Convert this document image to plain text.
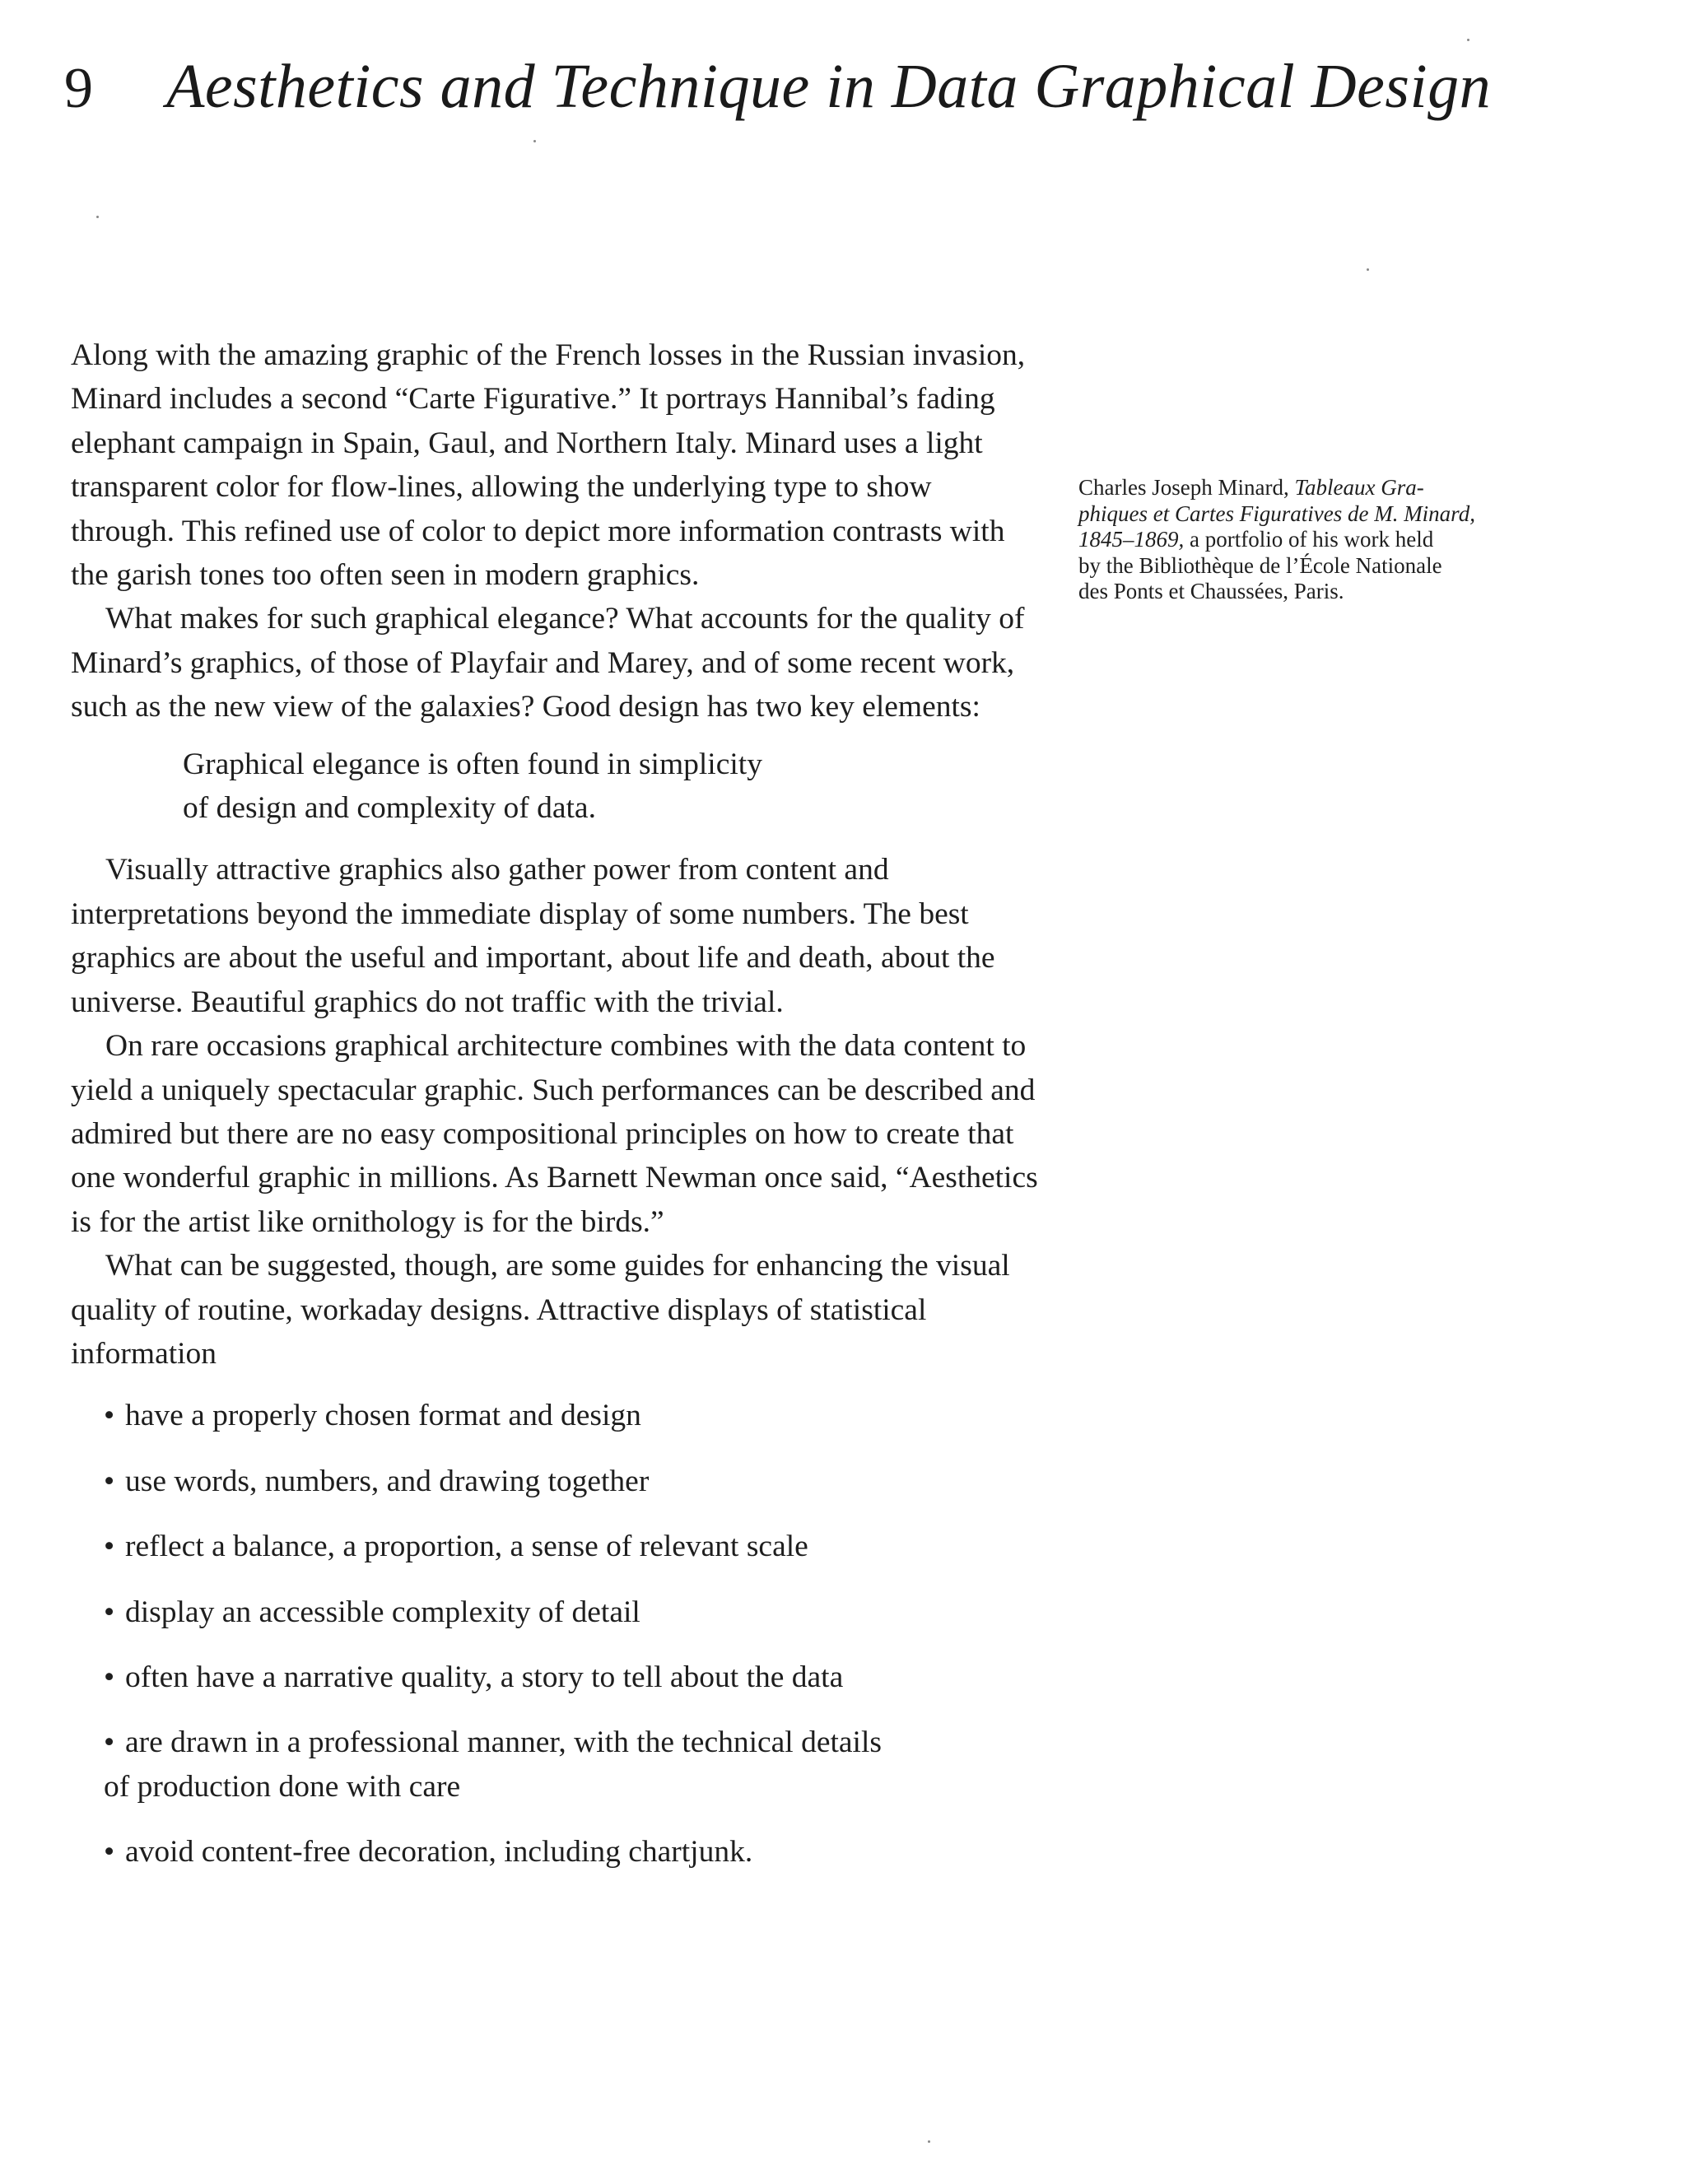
9 Aesthetics and Technique in Data Graphical Design

Along with the amazing graphic of the French losses in the Russian invasion, Minard includes a second “Carte Figurative.” It portrays Hannibal’s fading elephant campaign in Spain, Gaul, and Northern Italy. Minard uses a light transparent color for flow-lines, allowing the underlying type to show through. This refined use of color to depict more information contrasts with the garish tones too often seen in modern graphics.

What makes for such graphical elegance? What accounts for the quality of Minard’s graphics, of those of Playfair and Marey, and of some recent work, such as the new view of the galaxies? Good design has two key elements:

Graphical elegance is often found in simplicity
of design and complexity of data.

Visually attractive graphics also gather power from content and interpretations beyond the immediate display of some numbers. The best graphics are about the useful and important, about life and death, about the universe. Beautiful graphics do not traffic with the trivial.

On rare occasions graphical architecture combines with the data content to yield a uniquely spectacular graphic. Such performances can be described and admired but there are no easy compositional principles on how to create that one wonderful graphic in millions. As Barnett Newman once said, “Aesthetics is for the artist like ornithology is for the birds.”

What can be suggested, though, are some guides for enhancing the visual quality of routine, workaday designs. Attractive displays of statistical information

• have a properly chosen format and design
• use words, numbers, and drawing together
• reflect a balance, a proportion, a sense of relevant scale
• display an accessible complexity of detail
• often have a narrative quality, a story to tell about the data
• are drawn in a professional manner, with the technical details
of production done with care
• avoid content-free decoration, including chartjunk.
Charles Joseph Minard, Tableaux Gra-
phiques et Cartes Figuratives de M. Minard,
1845–1869, a portfolio of his work held
by the Bibliothèque de l’École Nationale
des Ponts et Chaussées, Paris.
